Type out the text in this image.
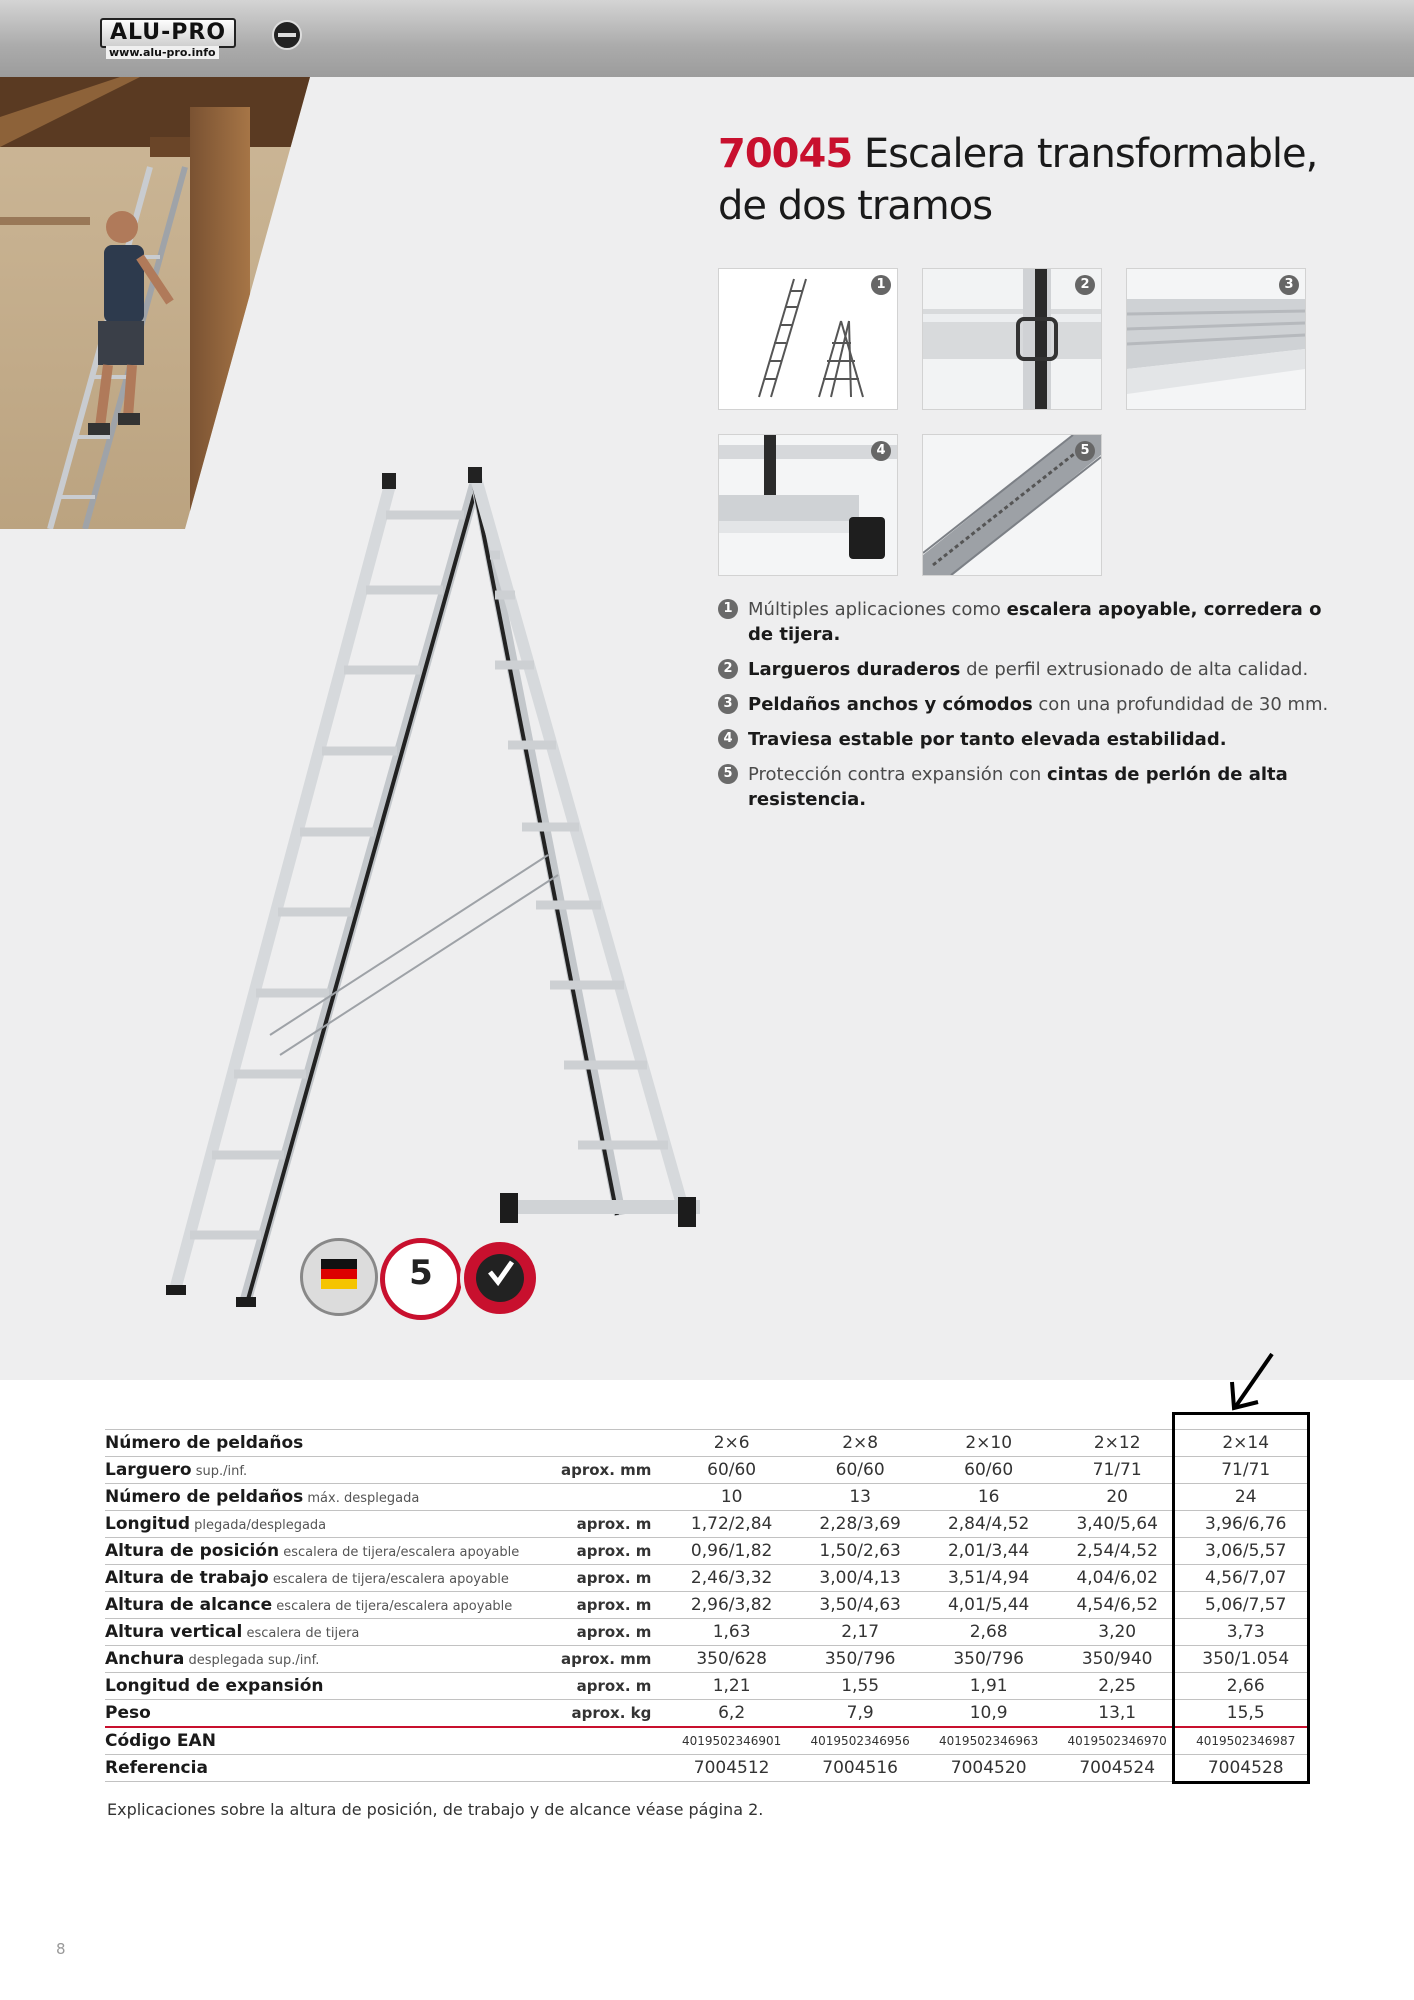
ALU-PRO
www.alu-pro.info
70045 Escalera transformable,
de dos tramos
1	2	3
4	5
1 Múltiples aplicaciones como escalera apoyable, corredera o de tijera.
2 Largueros duraderos de perfil extrusionado de alta calidad.
3 Peldaños anchos y cómodos con una profundidad de 30 mm.
4 Traviesa estable por tanto elevada estabilidad.
5 Protección contra expansión con cintas de perlón de alta resistencia.
5
Número de peldaños		2×6	2×8	2×10	2×12	2×14
Larguero sup./inf.	aprox. mm	60/60	60/60	60/60	71/71	71/71
Número de peldaños máx. desplegada		10	13	16	20	24
Longitud plegada/desplegada	aprox. m	1,72/2,84	2,28/3,69	2,84/4,52	3,40/5,64	3,96/6,76
Altura de posición escalera de tijera/escalera apoyable	aprox. m	0,96/1,82	1,50/2,63	2,01/3,44	2,54/4,52	3,06/5,57
Altura de trabajo escalera de tijera/escalera apoyable	aprox. m	2,46/3,32	3,00/4,13	3,51/4,94	4,04/6,02	4,56/7,07
Altura de alcance escalera de tijera/escalera apoyable	aprox. m	2,96/3,82	3,50/4,63	4,01/5,44	4,54/6,52	5,06/7,57
Altura vertical escalera de tijera	aprox. m	1,63	2,17	2,68	3,20	3,73
Anchura desplegada sup./inf.	aprox. mm	350/628	350/796	350/796	350/940	350/1.054
Longitud de expansión	aprox. m	1,21	1,55	1,91	2,25	2,66
Peso	aprox. kg	6,2	7,9	10,9	13,1	15,5
Código EAN		4019502346901	4019502346956	4019502346963	4019502346970	4019502346987
Referencia		7004512	7004516	7004520	7004524	7004528
Explicaciones sobre la altura de posición, de trabajo y de alcance véase página 2.
8
